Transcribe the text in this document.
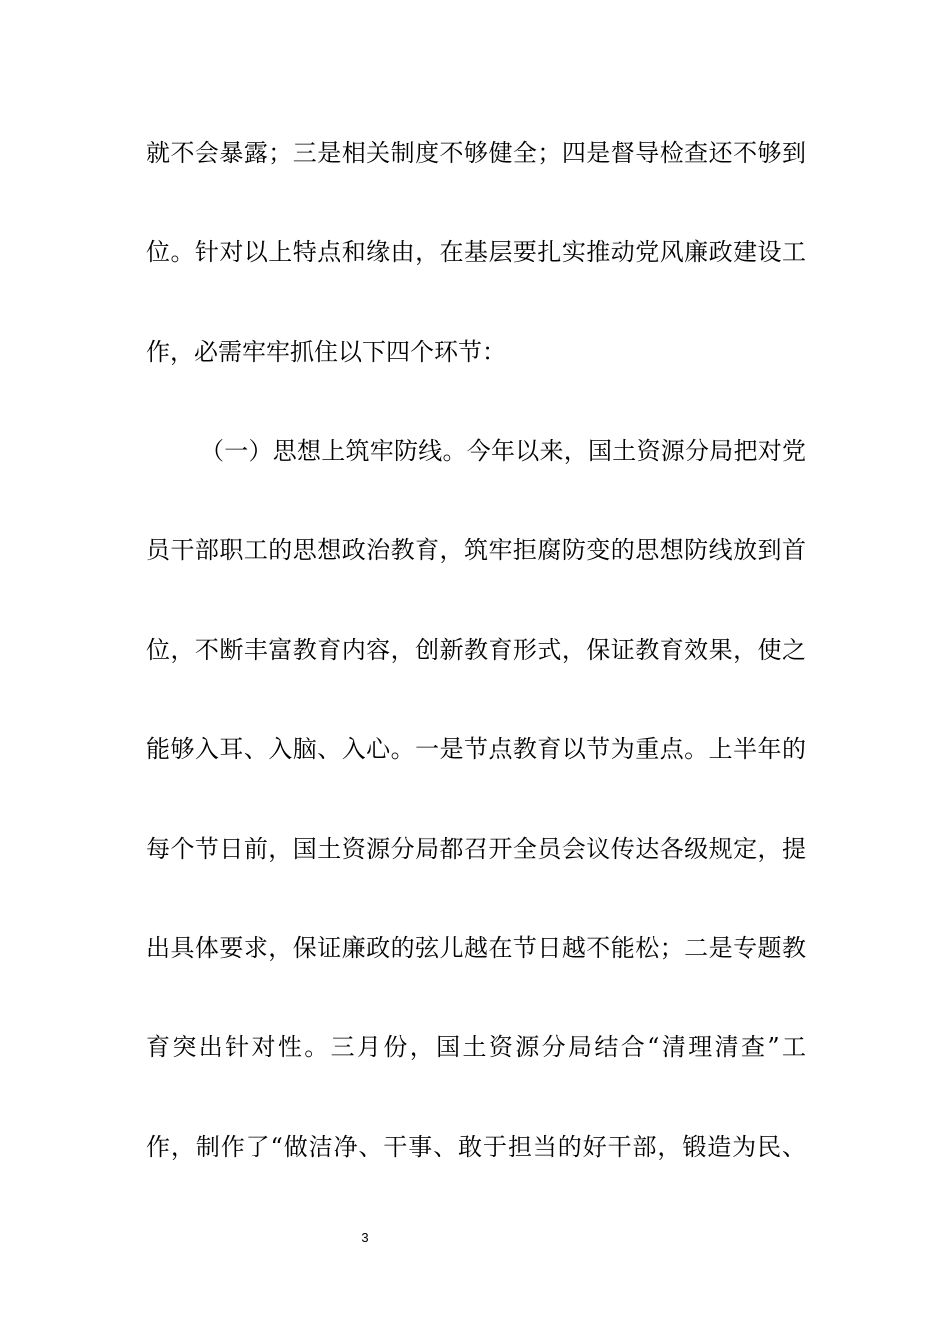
就不会暴露；三是相关制度不够健全；四是督导检查还不够到
位。针对以上特点和缘由，在基层要扎实推动党风廉政建设工
作，必需牢牢抓住以下四个环节：
（一）思想上筑牢防线。今年以来，国土资源分局把对党
员干部职工的思想政治教育，筑牢拒腐防变的思想防线放到首
位，不断丰富教育内容，创新教育形式，保证教育效果，使之
能够入耳、入脑、入心。一是节点教育以节为重点。上半年的
每个节日前，国土资源分局都召开全员会议传达各级规定，提
出具体要求，保证廉政的弦儿越在节日越不能松；二是专题教
育突出针对性。三月份，国土资源分局结合“清理清查”工
作，制作了“做洁净、干事、敢于担当的好干部，锻造为民、
3
